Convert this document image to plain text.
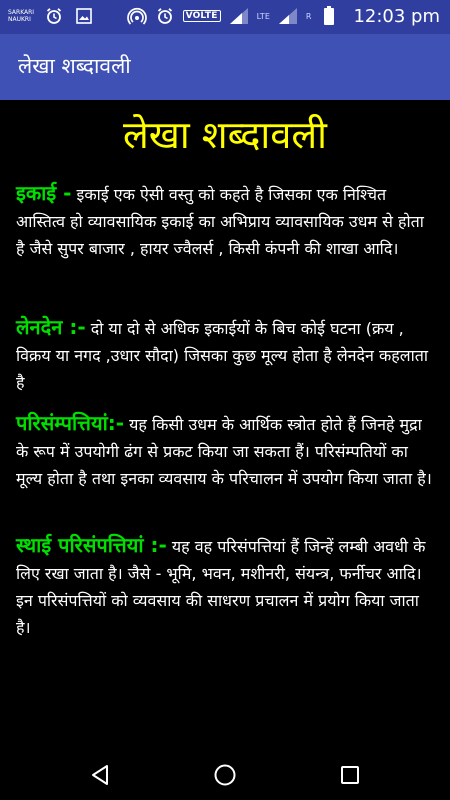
SARKARI NAUKRI	VOLTE	LTE	R 12:03 pm
लेखा शब्दावली
लेखा शब्दावली
इकाई - इकाई एक ऐसी वस्तु को कहते है जिसका एक निश्चित आस्तित्व हो व्यावसायिक इकाई का अभिप्राय व्यावसायिक उधम से होता है जैसे सुपर बाजार , हायर ज्वैलर्स , किसी कंपनी की शाखा आदि।
लेनदेन :- दो या दो से अधिक इकाईयों के बिच कोई घटना (क्रय , विक्रय या नगद ,उधार सौदा) जिसका कुछ मूल्य होता है लेनदेन कहलाता है
परिसंम्पत्तियां:- यह किसी उधम के आर्थिक स्त्रोत होते हैं जिनहे मुद्रा के रूप में उपयोगी ढंग से प्रकट किया जा सकता हैं। परिसंम्पतियों का मूल्य होता है तथा इनका व्यवसाय के परिचालन में उपयोग किया जाता है।
स्थाई परिसंपत्तियां :- यह वह परिसंपत्तियां हैं जिन्हें लम्बी अवधी के लिए रखा जाता है। जैसे - भूमि, भवन, मशीनरी, संयन्त्र, फर्नीचर आदि। इन परिसंपत्तियों को व्यवसाय की साधरण प्रचालन में प्रयोग किया जाता है।
